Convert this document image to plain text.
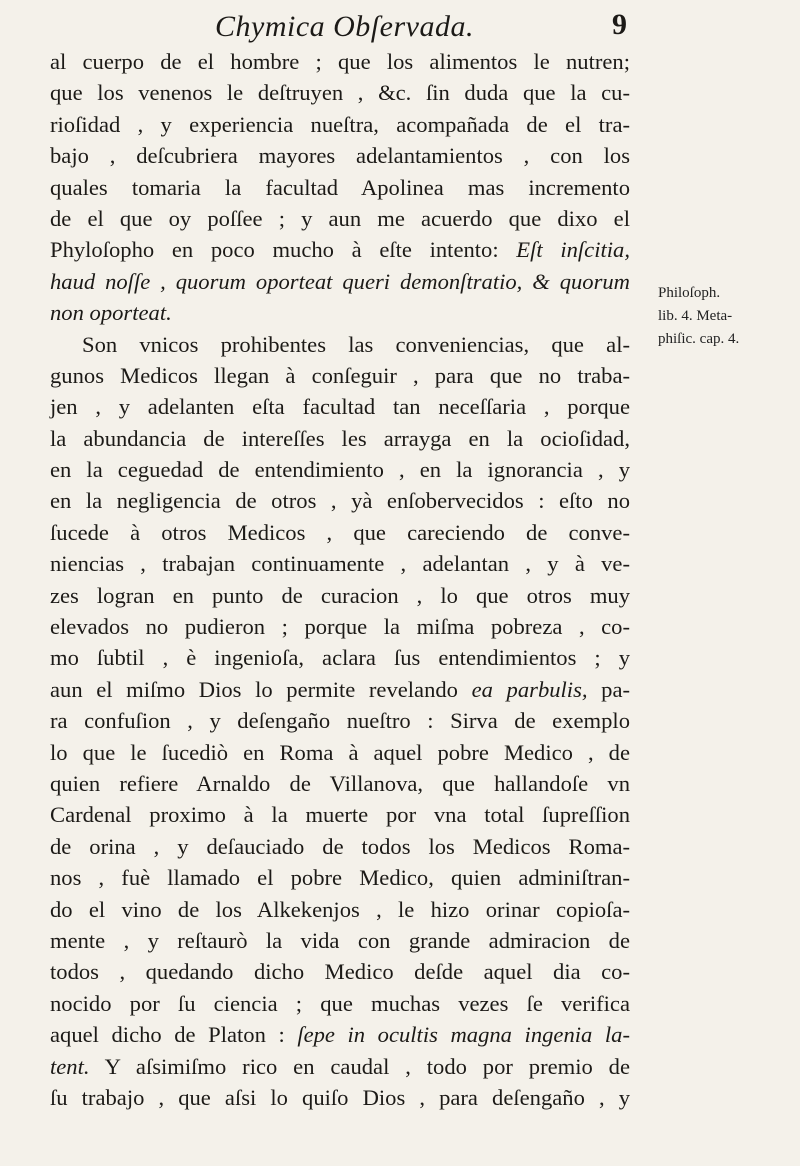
Chymica Obſervada.	9
al cuerpo de el hombre ; que los alimentos le nutren;
que los venenos le deſtruyen , &c. ſin duda que la cu-
rioſidad , y experiencia nueſtra, acompañada de el tra-
bajo , deſcubriera mayores adelantamientos , con los
quales tomaria la facultad Apolinea mas incremento
de el que oy poſſee ; y aun me acuerdo que dixo el
Phyloſopho en poco mucho à eſte intento: Eſt inſcitia,
haud noſſe , quorum oporteat queri demonſtratio, & quorum
non oporteat.
Son vnicos prohibentes las conveniencias, que al-
gunos Medicos llegan à conſeguir , para que no traba-
jen , y adelanten eſta facultad tan neceſſaria , porque
la abundancia de intereſſes les arrayga en la ocioſidad,
en la ceguedad de entendimiento , en la ignorancia , y
en la negligencia de otros , yà enſobervecidos : eſto no
ſucede à otros Medicos , que careciendo de conve-
niencias , trabajan continuamente , adelantan , y à ve-
zes logran en punto de curacion , lo que otros muy
elevados no pudieron ; porque la miſma pobreza , co-
mo ſubtil , è ingenioſa, aclara ſus entendimientos ; y
aun el miſmo Dios lo permite revelando ea parbulis, pa-
ra confuſion , y deſengaño nueſtro : Sirva de exemplo
lo que le ſucediò en Roma à aquel pobre Medico , de
quien refiere Arnaldo de Villanova, que hallandoſe vn
Cardenal proximo à la muerte por vna total ſupreſſion
de orina , y deſauciado de todos los Medicos Roma-
nos , fuè llamado el pobre Medico, quien adminiſtran-
do el vino de los Alkekenjos , le hizo orinar copioſa-
mente , y reſtaurò la vida con grande admiracion de
todos , quedando dicho Medico deſde aquel dia co-
nocido por ſu ciencia ; que muchas vezes ſe verifica
aquel dicho de Platon : ſepe in ocultis magna ingenia la-
tent. Y aſsimiſmo rico en caudal , todo por premio de
ſu trabajo , que aſsi lo quiſo Dios , para deſengaño , y
Philoſoph.
lib. 4. Meta-
phiſic. cap. 4.
